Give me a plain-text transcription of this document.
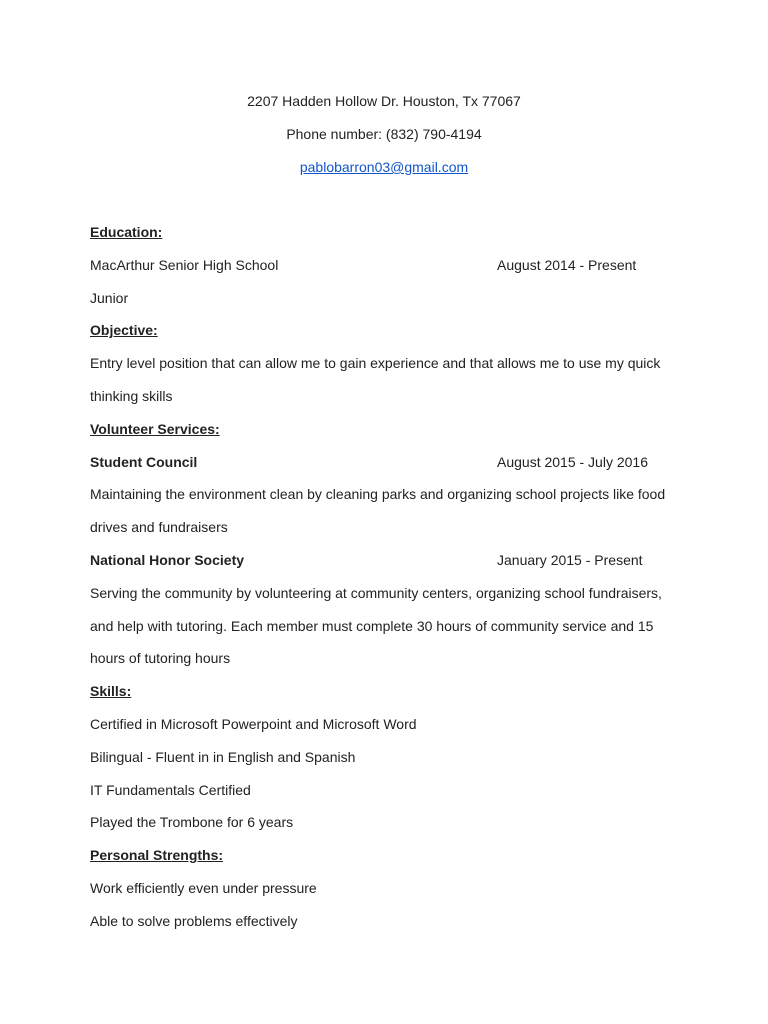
2207 Hadden Hollow Dr. Houston, Tx 77067
Phone number: (832) 790-4194
pablobarron03@gmail.com
Education:
MacArthur Senior High School	August 2014 - Present
Junior
Objective:
Entry level position that can allow me to gain experience and that allows me to use my quick
thinking skills
Volunteer Services:
Student Council	August 2015 - July 2016
Maintaining the environment clean by cleaning parks and organizing school projects like food
drives and fundraisers
National Honor Society	January 2015 - Present
Serving the community by volunteering at community centers, organizing school fundraisers,
and help with tutoring. Each member must complete 30 hours of community service and 15
hours of tutoring hours
Skills:
Certified in Microsoft Powerpoint and Microsoft Word
Bilingual - Fluent in in English and Spanish
IT Fundamentals Certified
Played the Trombone for 6 years
Personal Strengths:
Work efficiently even under pressure
Able to solve problems effectively
